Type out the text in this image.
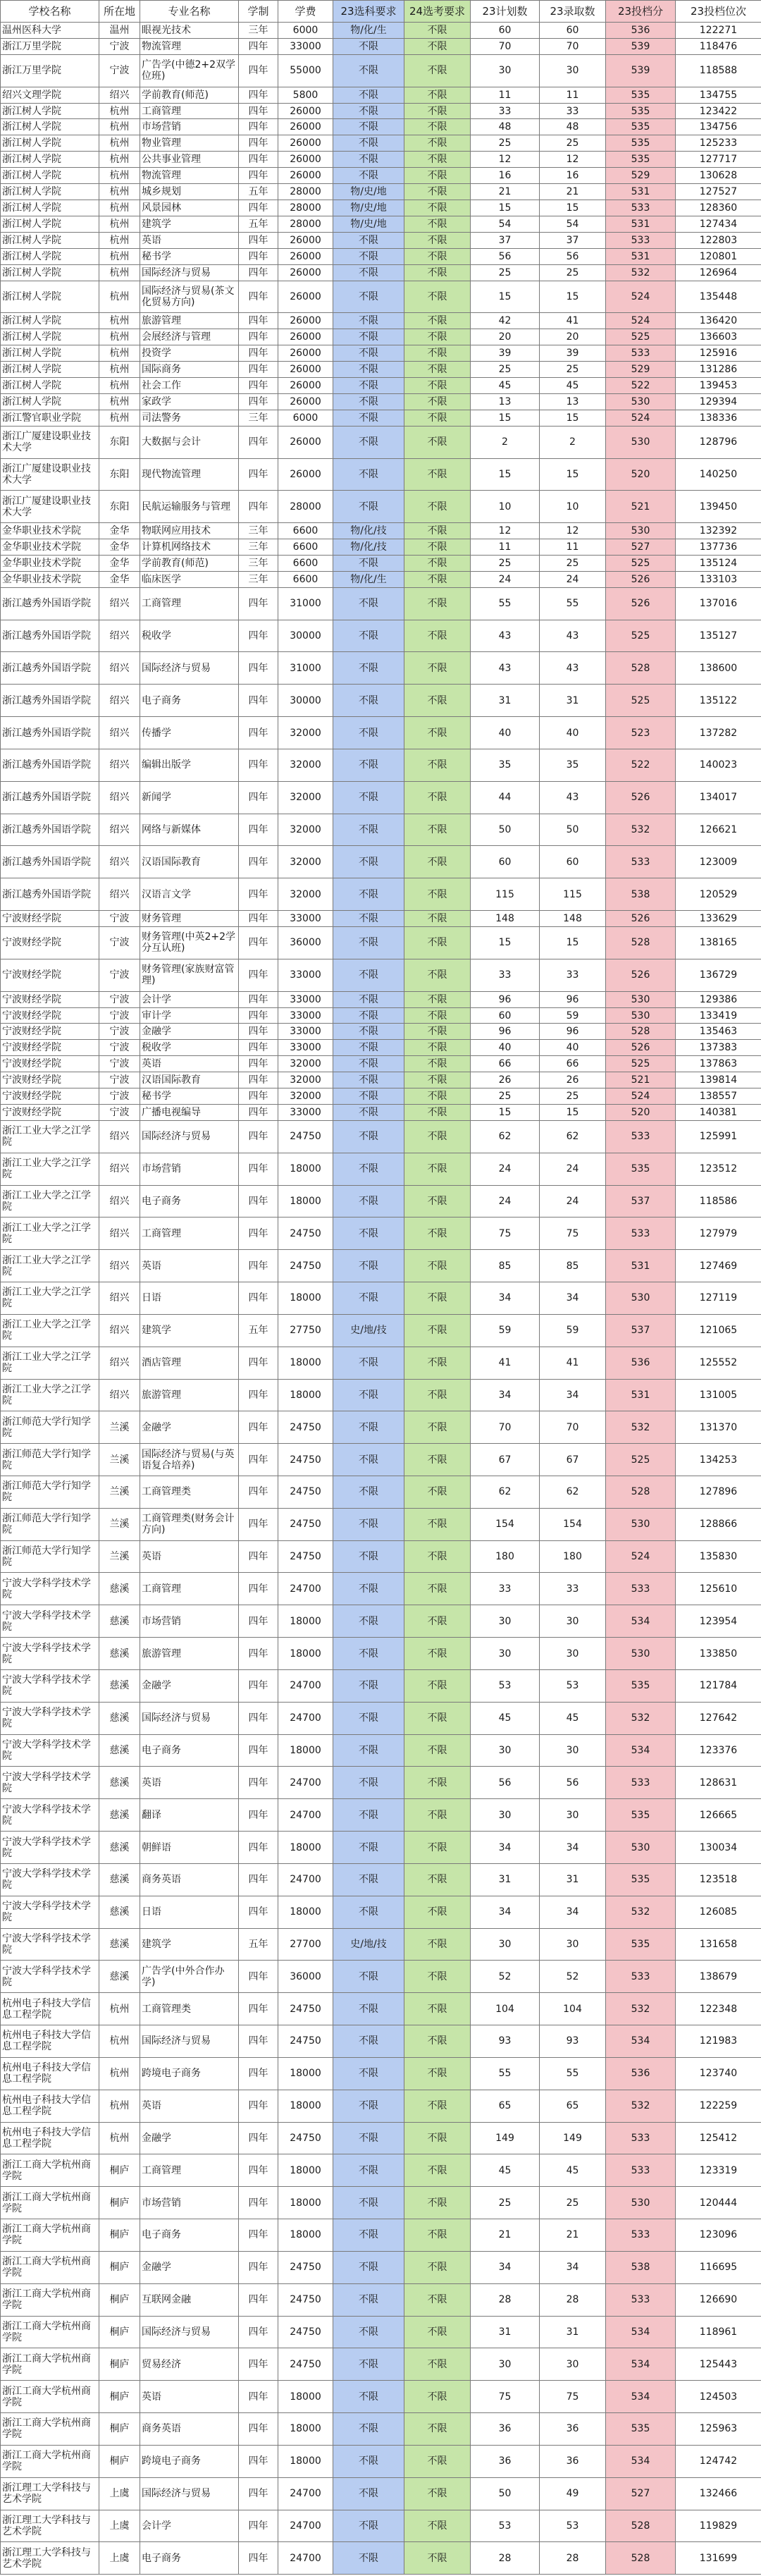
学校名称	所在地	专业名称	学制	学费	23选科要求	24选考要求	23计划数	23录取数	23投档分	23投档位次
温州医科大学	温州	眼视光技术	三年	6000	物/化/生	不限	60	60	536	122271
浙江万里学院	宁波	物流管理	四年	33000	不限	不限	70	70	539	118476
浙江万里学院	宁波	广告学(中德2+2双学位班)	四年	55000	不限	不限	30	30	539	118588
绍兴文理学院	绍兴	学前教育(师范)	四年	5800	不限	不限	11	11	535	134755
浙江树人学院	杭州	工商管理	四年	26000	不限	不限	33	33	535	123422
浙江树人学院	杭州	市场营销	四年	26000	不限	不限	48	48	535	134756
浙江树人学院	杭州	物业管理	四年	26000	不限	不限	25	25	535	125233
浙江树人学院	杭州	公共事业管理	四年	26000	不限	不限	12	12	535	127717
浙江树人学院	杭州	物流管理	四年	26000	不限	不限	16	16	529	130628
浙江树人学院	杭州	城乡规划	五年	28000	物/史/地	不限	21	21	531	127527
浙江树人学院	杭州	风景园林	四年	28000	物/史/地	不限	15	15	533	128360
浙江树人学院	杭州	建筑学	五年	28000	物/史/地	不限	54	54	531	127434
浙江树人学院	杭州	英语	四年	26000	不限	不限	37	37	533	122803
浙江树人学院	杭州	秘书学	四年	26000	不限	不限	56	56	531	120801
浙江树人学院	杭州	国际经济与贸易	四年	26000	不限	不限	25	25	532	126964
浙江树人学院	杭州	国际经济与贸易(茶文化贸易方向)	四年	26000	不限	不限	15	15	524	135448
浙江树人学院	杭州	旅游管理	四年	26000	不限	不限	42	41	524	136420
浙江树人学院	杭州	会展经济与管理	四年	26000	不限	不限	20	20	525	136603
浙江树人学院	杭州	投资学	四年	26000	不限	不限	39	39	533	125916
浙江树人学院	杭州	国际商务	四年	26000	不限	不限	25	25	529	131286
浙江树人学院	杭州	社会工作	四年	26000	不限	不限	45	45	522	139453
浙江树人学院	杭州	家政学	四年	26000	不限	不限	13	13	530	129394
浙江警官职业学院	杭州	司法警务	三年	6000	不限	不限	15	15	524	138336
浙江广厦建设职业技术大学	东阳	大数据与会计	四年	26000	不限	不限	2	2	530	128796
浙江广厦建设职业技术大学	东阳	现代物流管理	四年	26000	不限	不限	15	15	520	140250
浙江广厦建设职业技术大学	东阳	民航运输服务与管理	四年	28000	不限	不限	10	10	521	139450
金华职业技术学院	金华	物联网应用技术	三年	6600	物/化/技	不限	12	12	530	132392
金华职业技术学院	金华	计算机网络技术	三年	6600	物/化/技	不限	11	11	527	137736
金华职业技术学院	金华	学前教育(师范)	三年	6600	不限	不限	25	25	525	135124
金华职业技术学院	金华	临床医学	三年	6600	物/化/生	不限	24	24	526	133103
浙江越秀外国语学院	绍兴	工商管理	四年	31000	不限	不限	55	55	526	137016
浙江越秀外国语学院	绍兴	税收学	四年	30000	不限	不限	43	43	525	135127
浙江越秀外国语学院	绍兴	国际经济与贸易	四年	31000	不限	不限	43	43	528	138600
浙江越秀外国语学院	绍兴	电子商务	四年	30000	不限	不限	31	31	525	135122
浙江越秀外国语学院	绍兴	传播学	四年	32000	不限	不限	40	40	523	137282
浙江越秀外国语学院	绍兴	编辑出版学	四年	32000	不限	不限	35	35	522	140023
浙江越秀外国语学院	绍兴	新闻学	四年	32000	不限	不限	44	43	526	134017
浙江越秀外国语学院	绍兴	网络与新媒体	四年	32000	不限	不限	50	50	532	126621
浙江越秀外国语学院	绍兴	汉语国际教育	四年	32000	不限	不限	60	60	533	123009
浙江越秀外国语学院	绍兴	汉语言文学	四年	32000	不限	不限	115	115	538	120529
宁波财经学院	宁波	财务管理	四年	33000	不限	不限	148	148	526	133629
宁波财经学院	宁波	财务管理(中英2+2学分互认班)	四年	36000	不限	不限	15	15	528	138165
宁波财经学院	宁波	财务管理(家族财富管理)	四年	33000	不限	不限	33	33	526	136729
宁波财经学院	宁波	会计学	四年	33000	不限	不限	96	96	530	129386
宁波财经学院	宁波	审计学	四年	33000	不限	不限	60	59	530	133419
宁波财经学院	宁波	金融学	四年	33000	不限	不限	96	96	528	135463
宁波财经学院	宁波	税收学	四年	33000	不限	不限	40	40	526	137383
宁波财经学院	宁波	英语	四年	32000	不限	不限	66	66	525	137863
宁波财经学院	宁波	汉语国际教育	四年	32000	不限	不限	26	26	521	139814
宁波财经学院	宁波	秘书学	四年	32000	不限	不限	25	25	524	138557
宁波财经学院	宁波	广播电视编导	四年	33000	不限	不限	15	15	520	140381
浙江工业大学之江学院	绍兴	国际经济与贸易	四年	24750	不限	不限	62	62	533	125991
浙江工业大学之江学院	绍兴	市场营销	四年	18000	不限	不限	24	24	535	123512
浙江工业大学之江学院	绍兴	电子商务	四年	18000	不限	不限	24	24	537	118586
浙江工业大学之江学院	绍兴	工商管理	四年	24750	不限	不限	75	75	533	127979
浙江工业大学之江学院	绍兴	英语	四年	24750	不限	不限	85	85	531	127469
浙江工业大学之江学院	绍兴	日语	四年	18000	不限	不限	34	34	530	127119
浙江工业大学之江学院	绍兴	建筑学	五年	27750	史/地/技	不限	59	59	537	121065
浙江工业大学之江学院	绍兴	酒店管理	四年	18000	不限	不限	41	41	536	125552
浙江工业大学之江学院	绍兴	旅游管理	四年	18000	不限	不限	34	34	531	131005
浙江师范大学行知学院	兰溪	金融学	四年	24750	不限	不限	70	70	532	131370
浙江师范大学行知学院	兰溪	国际经济与贸易(与英语复合培养)	四年	24750	不限	不限	67	67	525	134253
浙江师范大学行知学院	兰溪	工商管理类	四年	24750	不限	不限	62	62	528	127896
浙江师范大学行知学院	兰溪	工商管理类(财务会计方向)	四年	24750	不限	不限	154	154	530	128866
浙江师范大学行知学院	兰溪	英语	四年	24750	不限	不限	180	180	524	135830
宁波大学科学技术学院	慈溪	工商管理	四年	24700	不限	不限	33	33	533	125610
宁波大学科学技术学院	慈溪	市场营销	四年	18000	不限	不限	30	30	534	123954
宁波大学科学技术学院	慈溪	旅游管理	四年	18000	不限	不限	30	30	530	133850
宁波大学科学技术学院	慈溪	金融学	四年	24700	不限	不限	53	53	535	121784
宁波大学科学技术学院	慈溪	国际经济与贸易	四年	24700	不限	不限	45	45	532	127642
宁波大学科学技术学院	慈溪	电子商务	四年	18000	不限	不限	30	30	534	123376
宁波大学科学技术学院	慈溪	英语	四年	24700	不限	不限	56	56	533	128631
宁波大学科学技术学院	慈溪	翻译	四年	24700	不限	不限	30	30	535	126665
宁波大学科学技术学院	慈溪	朝鲜语	四年	18000	不限	不限	34	34	530	130034
宁波大学科学技术学院	慈溪	商务英语	四年	24700	不限	不限	31	31	535	123518
宁波大学科学技术学院	慈溪	日语	四年	18000	不限	不限	34	34	532	126085
宁波大学科学技术学院	慈溪	建筑学	五年	27700	史/地/技	不限	30	30	535	131658
宁波大学科学技术学院	慈溪	广告学(中外合作办学)	四年	36000	不限	不限	52	52	533	138679
杭州电子科技大学信息工程学院	杭州	工商管理类	四年	24750	不限	不限	104	104	532	122348
杭州电子科技大学信息工程学院	杭州	国际经济与贸易	四年	24750	不限	不限	93	93	534	121983
杭州电子科技大学信息工程学院	杭州	跨境电子商务	四年	18000	不限	不限	55	55	536	123740
杭州电子科技大学信息工程学院	杭州	英语	四年	18000	不限	不限	65	65	532	122259
杭州电子科技大学信息工程学院	杭州	金融学	四年	24750	不限	不限	149	149	533	125412
浙江工商大学杭州商学院	桐庐	工商管理	四年	18000	不限	不限	45	45	533	123319
浙江工商大学杭州商学院	桐庐	市场营销	四年	18000	不限	不限	25	25	530	120444
浙江工商大学杭州商学院	桐庐	电子商务	四年	18000	不限	不限	21	21	533	123096
浙江工商大学杭州商学院	桐庐	金融学	四年	24750	不限	不限	34	34	538	116695
浙江工商大学杭州商学院	桐庐	互联网金融	四年	24750	不限	不限	28	28	533	126690
浙江工商大学杭州商学院	桐庐	国际经济与贸易	四年	24750	不限	不限	31	31	534	118961
浙江工商大学杭州商学院	桐庐	贸易经济	四年	24750	不限	不限	30	30	534	125443
浙江工商大学杭州商学院	桐庐	英语	四年	18000	不限	不限	75	75	534	124503
浙江工商大学杭州商学院	桐庐	商务英语	四年	18000	不限	不限	36	36	535	125963
浙江工商大学杭州商学院	桐庐	跨境电子商务	四年	18000	不限	不限	36	36	534	124742
浙江理工大学科技与艺术学院	上虞	国际经济与贸易	四年	24700	不限	不限	50	49	527	132466
浙江理工大学科技与艺术学院	上虞	会计学	四年	24700	不限	不限	53	53	528	119829
浙江理工大学科技与艺术学院	上虞	电子商务	四年	24700	不限	不限	28	28	528	131699
